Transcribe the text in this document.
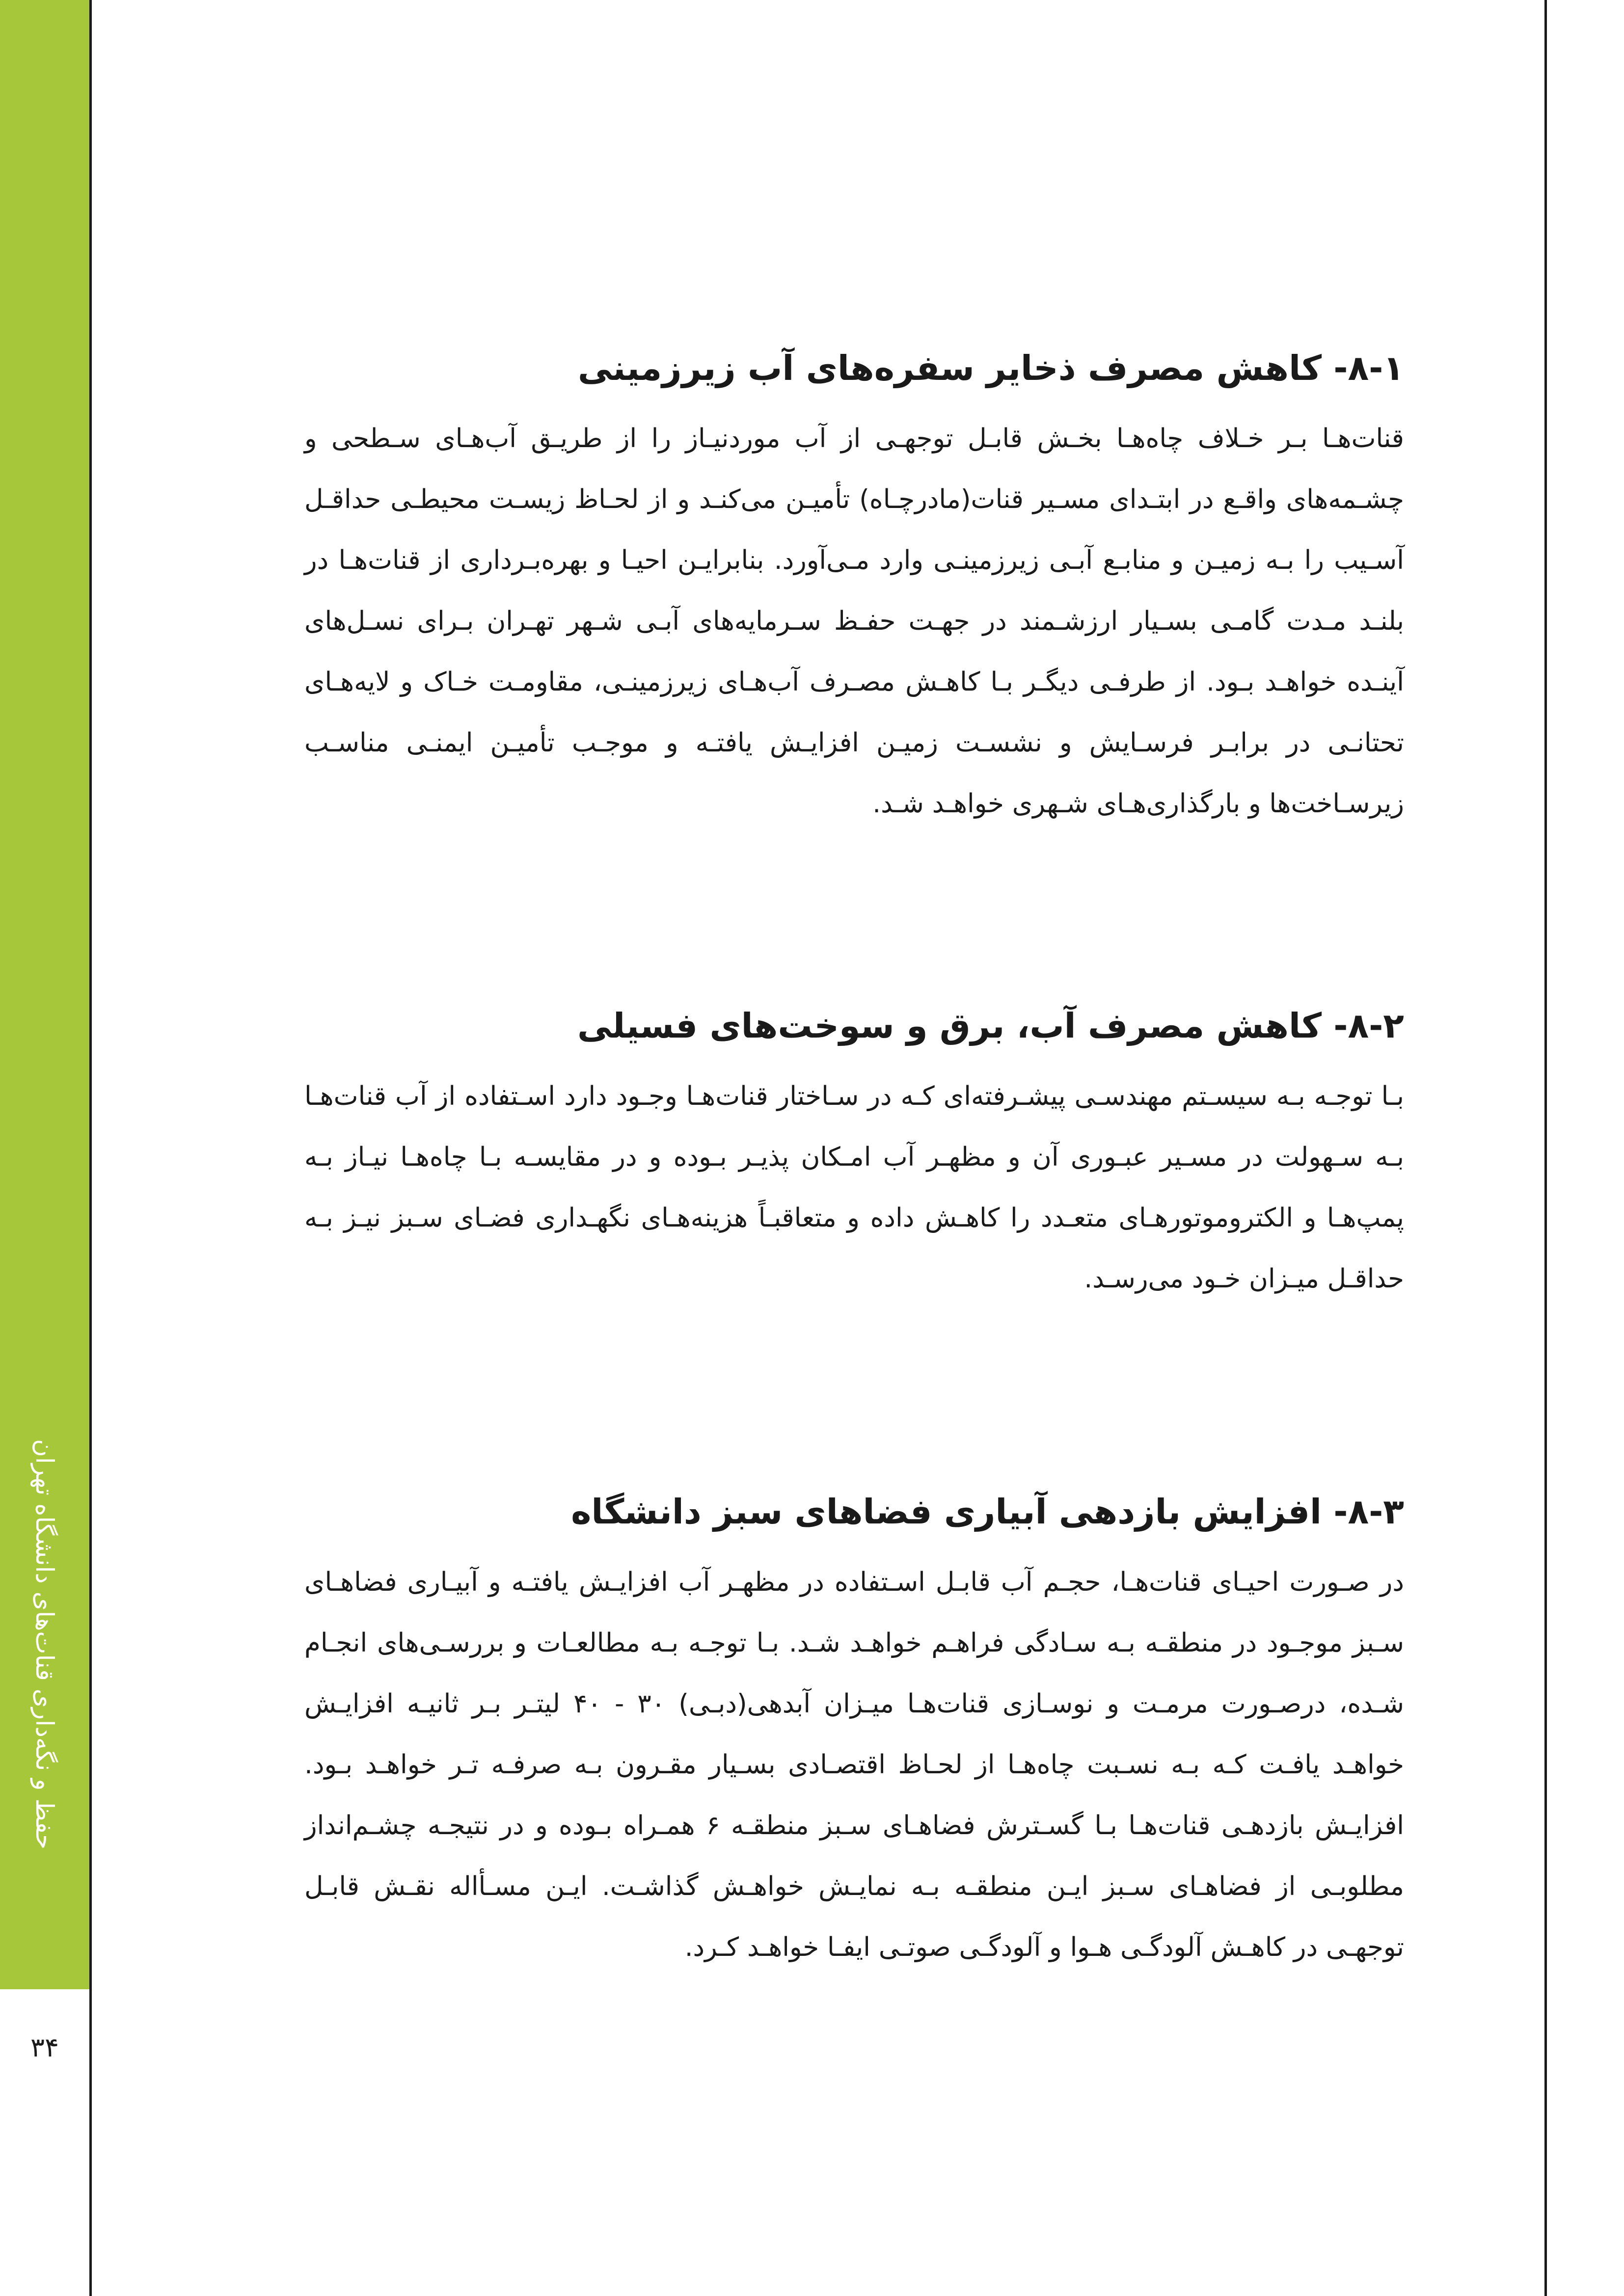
حفظ و نگه‌داری قنات‌های دانشگاه تهران
۳۴
۸-۱- کاهش مصرف ذخایر سفره‌های آب زیرزمینی

قنات‌هـا بـر خـلاف چاه‌هـا بخـش قابـل توجهـی از آب موردنیـاز را از طریـق آب‌هـای سـطحی و چشـمه‌های واقـع در ابتـدای مسـیر قنات(مادرچـاه) تأمیـن می‌کنـد و از لحـاظ زیسـت محیطـی حداقـل آسـیب را بـه زمیـن و منابـع آبـی زیرزمینـی وارد مـی‌آورد. بنابرایـن احیـا و بهره‌بـرداری از قنات‌هـا در بلنـد مـدت گامـی بسـیار ارزشـمند در جهـت حفـظ سـرمایه‌های آبـی شـهر تهـران بـرای نسـل‌های آینـده خواهـد بـود. از طرفـی دیگـر بـا کاهـش مصـرف آب‌هـای زیرزمینـی، مقاومـت خـاک و لایه‌هـای تحتانـی در برابـر فرسـایش و نشسـت زمیـن افزایـش یافتـه و موجـب تأمیـن ایمنـی مناسـب زیرسـاخت‌ها و بارگذاری‌هـای شـهری خواهـد شـد.

۸-۲- کاهش مصرف آب، برق و سوخت‌های فسیلی

بـا توجـه بـه سیسـتم مهندسـی پیشـرفته‌ای کـه در سـاختار قنات‌هـا وجـود دارد اسـتفاده از آب قنات‌هـا بـه سـهولت در مسـیر عبـوری آن و مظهـر آب امـکان پذیـر بـوده و در مقایسـه بـا چاه‌هـا نیـاز بـه پمپ‌هـا و الکتروموتورهـای متعـدد را کاهـش داده و متعاقبـاً هزینه‌هـای نگهـداری فضـای سـبز نیـز بـه حداقـل میـزان خـود می‌رسـد.

۸-۳- افزایش بازدهی آبیاری فضاهای سبز دانشگاه

در صـورت احیـای قنات‌هـا، حجـم آب قابـل اسـتفاده در مظهـر آب افزایـش یافتـه و آبیـاری فضاهـای سـبز موجـود در منطقـه بـه سـادگی فراهـم خواهـد شـد. بـا توجـه بـه مطالعـات و بررسـی‌های انجـام شـده، درصـورت مرمـت و نوسـازی قنات‌هـا میـزان آبدهی(دبـی) ۳۰ - ۴۰ لیتـر بـر ثانیـه افزایـش خواهـد یافـت کـه بـه نسـبت چاه‌هـا از لحـاظ اقتصـادی بسـیار مقـرون بـه صرفـه تـر خواهـد بـود. افزایـش بازدهـی قنات‌هـا بـا گسـترش فضاهـای سـبز منطقـه ۶ همـراه بـوده و در نتیجـه چشـم‌انداز مطلوبـی از فضاهـای سـبز ایـن منطقـه بـه نمایـش خواهـش گذاشـت. ایـن مسـأاله نقـش قابـل توجهـی در کاهـش آلودگـی هـوا و آلودگـی صوتـی ایفـا خواهـد کـرد.
